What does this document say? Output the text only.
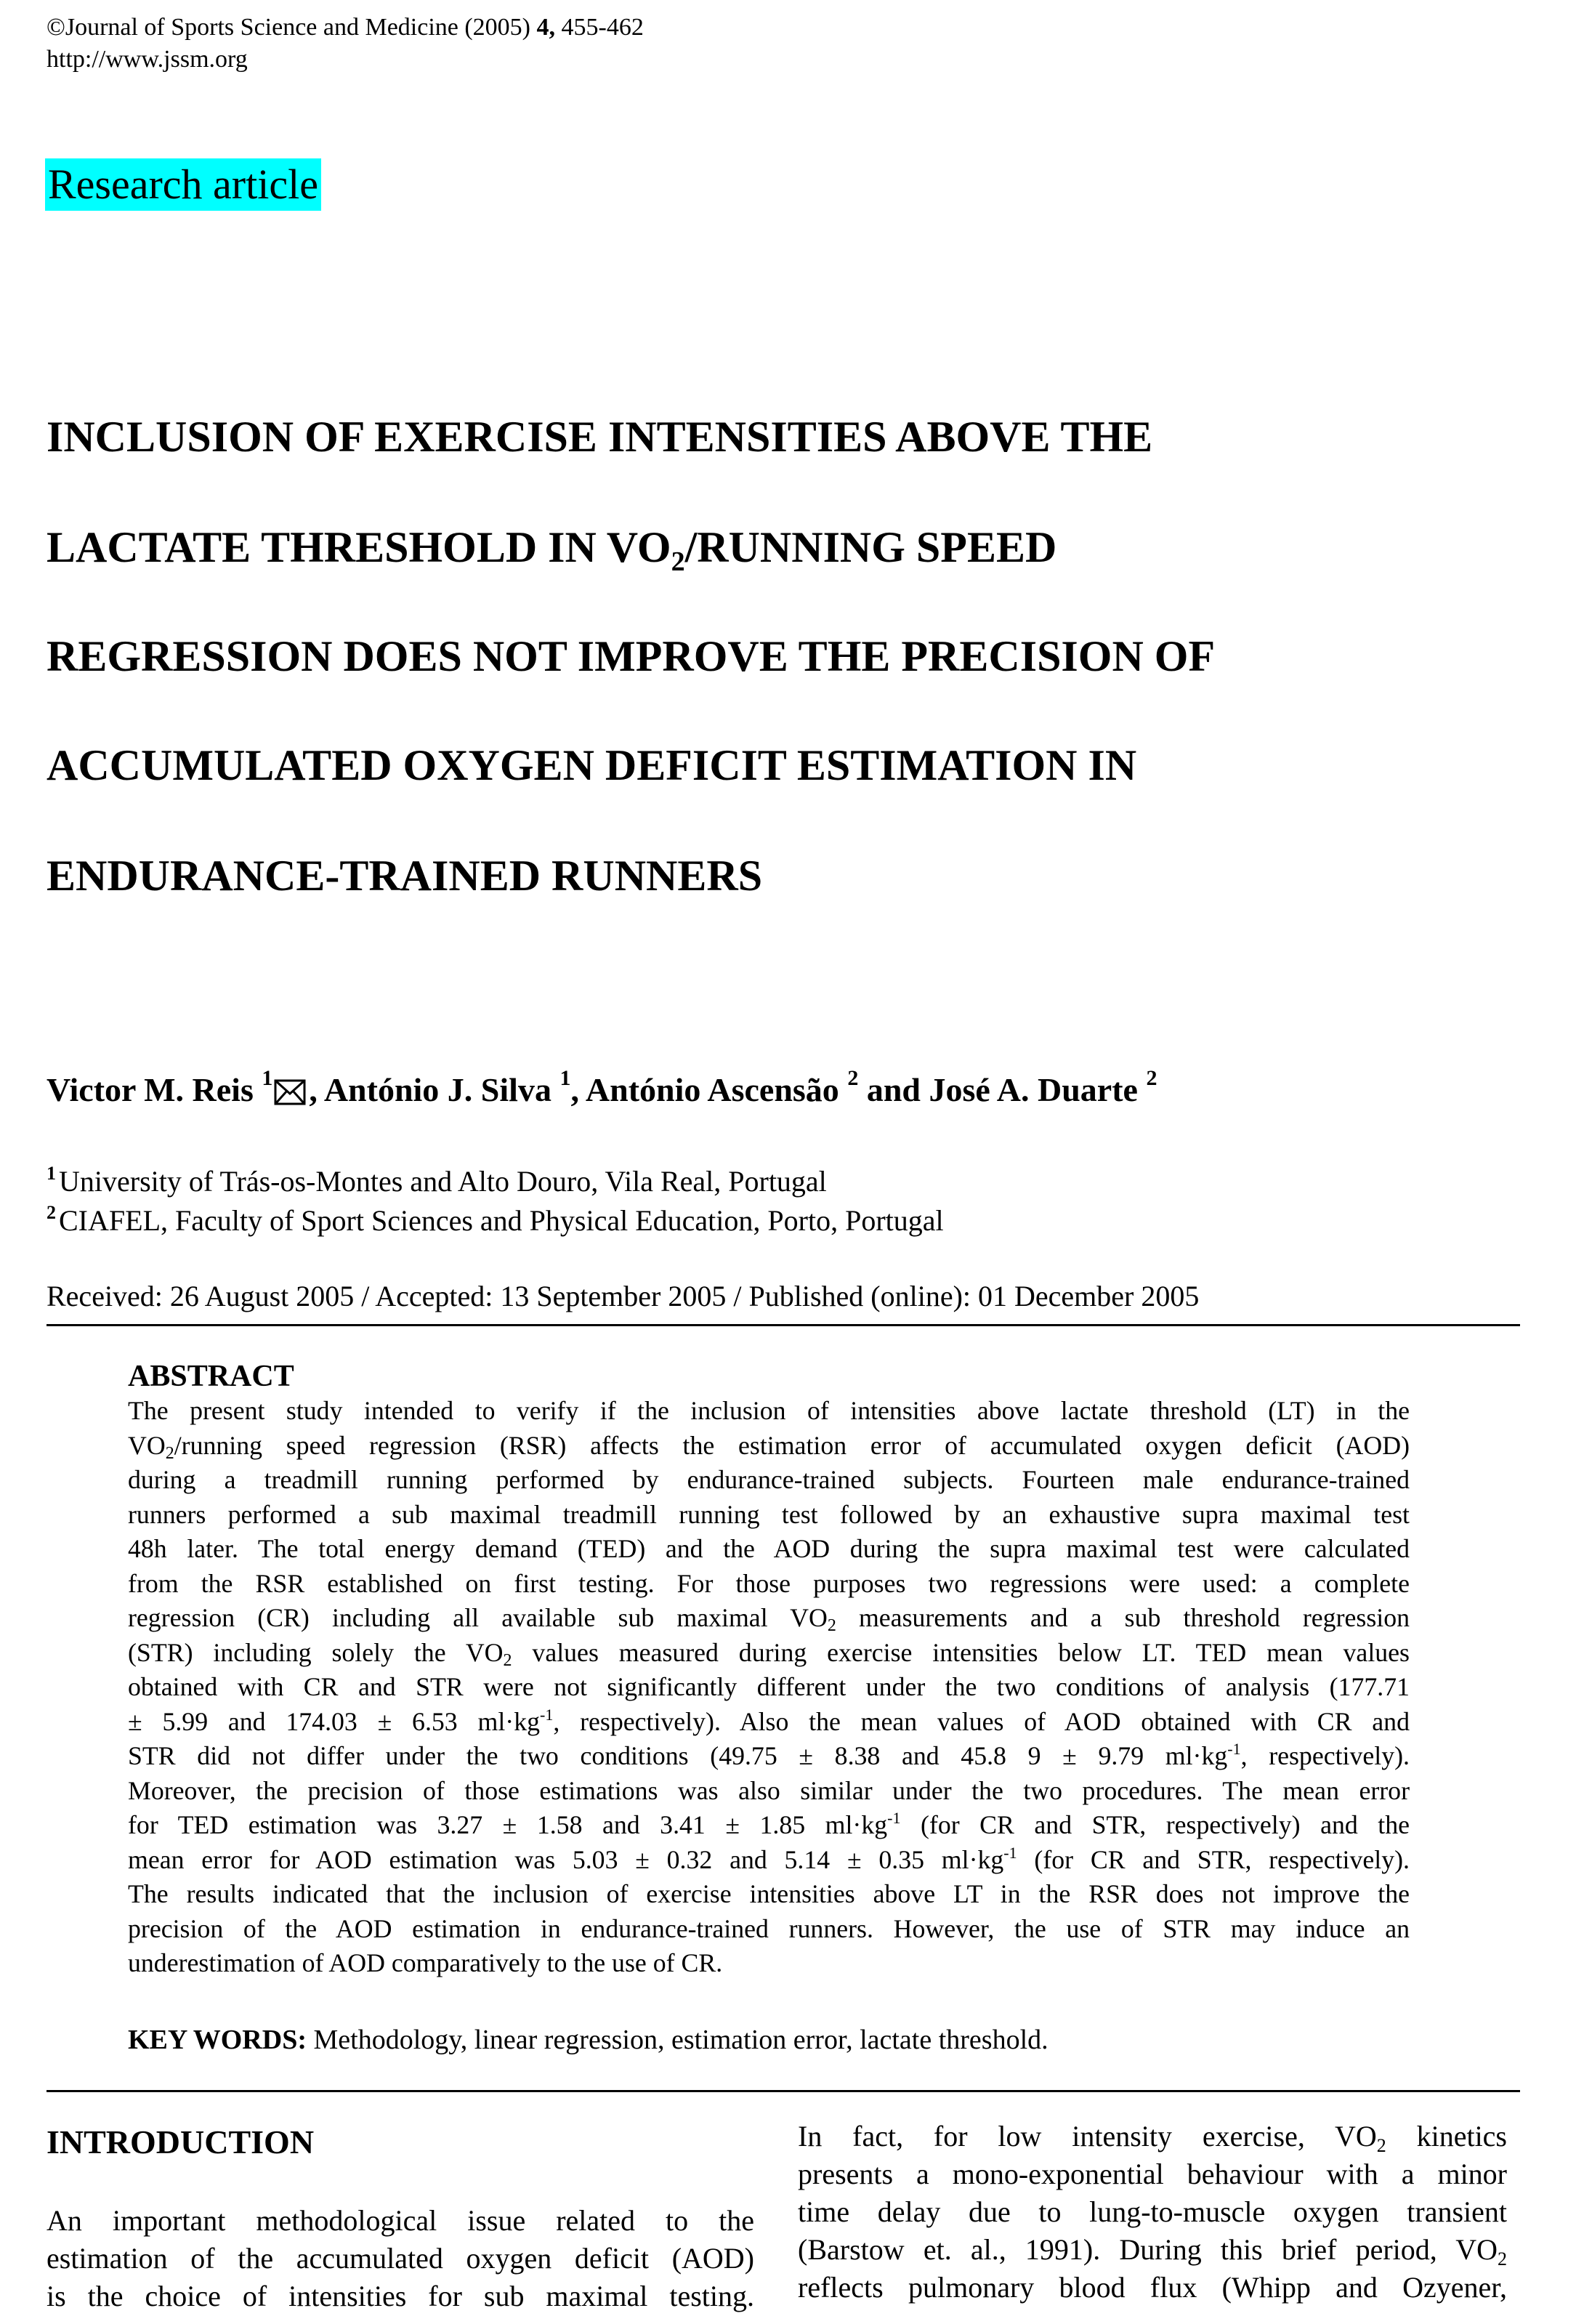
©Journal of Sports Science and Medicine (2005) 4, 455-462
http://www.jssm.org
Research article
INCLUSION OF EXERCISE INTENSITIES ABOVE THE
LACTATE THRESHOLD IN $VO_2$/RUNNING SPEED
REGRESSION DOES NOT IMPROVE THE PRECISION OF
ACCUMULATED OXYGEN DEFICIT ESTIMATION IN
ENDURANCE-TRAINED RUNNERS
Victor M. Reis $^1$ , António J. Silva $^1$, António Ascensão $^2$ and José A. Duarte $^2$
$^1$ University of Trás-os-Montes and Alto Douro, Vila Real, Portugal
$^2$ CIAFEL, Faculty of Sport Sciences and Physical Education, Porto, Portugal
Received: 26 August 2005 / Accepted: 13 September 2005 / Published (online): 01 December 2005
ABSTRACT
The present study intended to verify if the inclusion of intensities above lactate threshold (LT) in the
$VO_2$/running speed regression (RSR) affects the estimation error of accumulated oxygen deficit (AOD)
during a treadmill running performed by endurance-trained subjects. Fourteen male endurance-trained
runners performed a sub maximal treadmill running test followed by an exhaustive supra maximal test
48h later. The total energy demand (TED) and the AOD during the supra maximal test were calculated
from the RSR established on first testing. For those purposes two regressions were used: a complete
regression (CR) including all available sub maximal $VO_2$ measurements and a sub threshold regression
(STR) including solely the $VO_2$ values measured during exercise intensities below LT. TED mean values
obtained with CR and STR were not significantly different under the two conditions of analysis (177.71
± 5.99 and 174.03 ± 6.53 $ml\cdot kg^{-1}$, respectively). Also the mean values of AOD obtained with CR and
STR did not differ under the two conditions (49.75 ± 8.38 and 45.8 9 ± 9.79 $ml\cdot kg^{-1}$, respectively).
Moreover, the precision of those estimations was also similar under the two procedures. The mean error
for TED estimation was 3.27 ± 1.58 and 3.41 ± 1.85 $ml\cdot kg^{-1}$ (for CR and STR, respectively) and the
mean error for AOD estimation was 5.03 ± 0.32 and 5.14 ± 0.35 $ml\cdot kg^{-1}$ (for CR and STR, respectively).
The results indicated that the inclusion of exercise intensities above LT in the RSR does not improve the
precision of the AOD estimation in endurance-trained runners. However, the use of STR may induce an
underestimation of AOD comparatively to the use of CR.
KEY WORDS: Methodology, linear regression, estimation error, lactate threshold.
INTRODUCTION
An important methodological issue related to the
estimation of the accumulated oxygen deficit (AOD)
is the choice of intensities for sub maximal testing.
In fact, for low intensity exercise, $VO_2$ kinetics
presents a mono-exponential behaviour with a minor
time delay due to lung-to-muscle oxygen transient
(Barstow et. al., 1991). During this brief period, $VO_2$
reflects pulmonary blood flux (Whipp and Ozyener,
